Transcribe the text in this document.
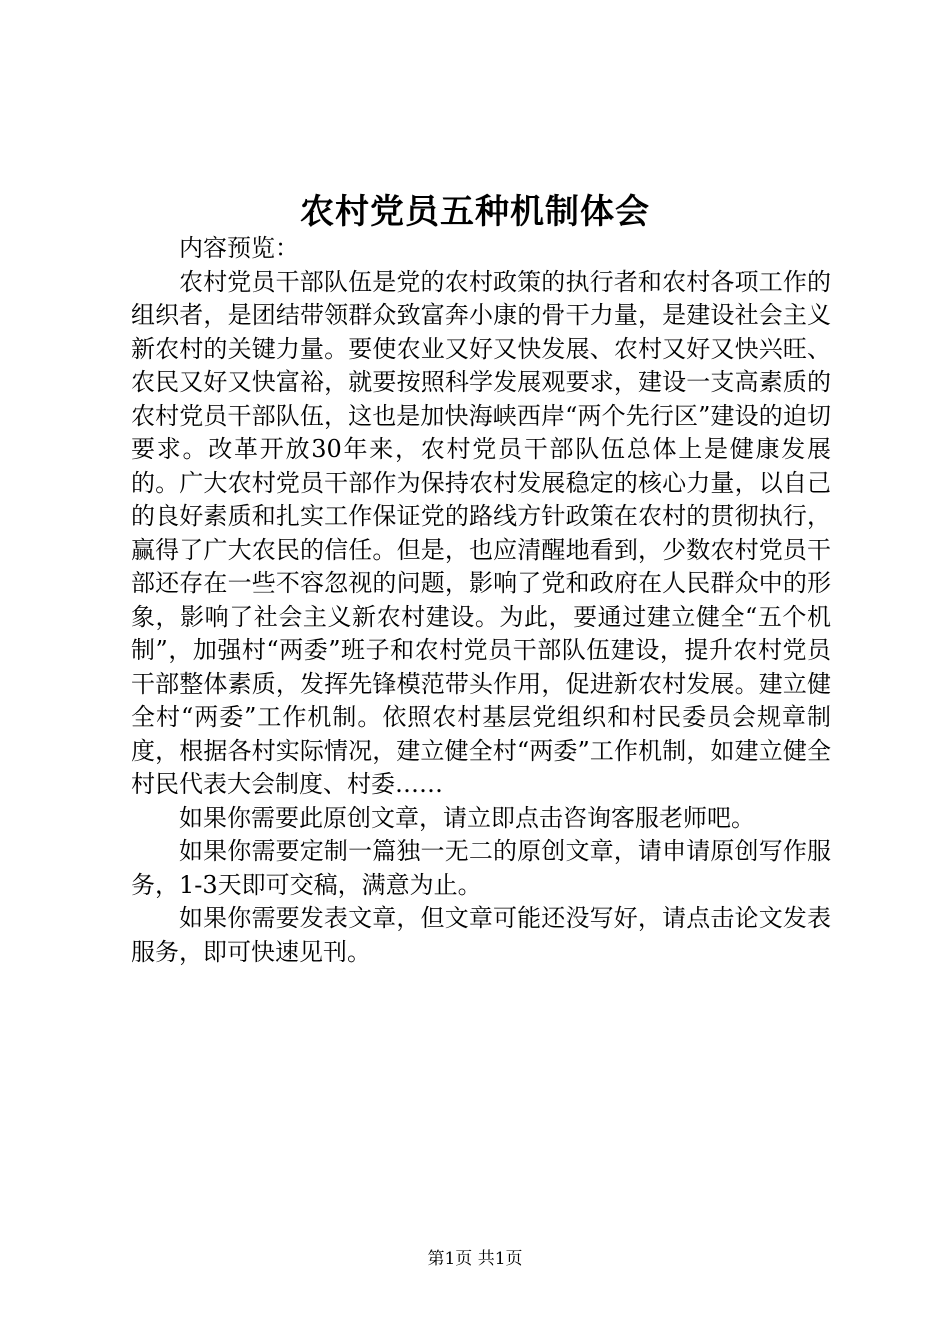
农村党员五种机制体会

内容预览：

农村党员干部队伍是党的农村政策的执行者和农村各项工作的组织者，是团结带领群众致富奔小康的骨干力量，是建设社会主义新农村的关键力量。要使农业又好又快发展、农村又好又快兴旺、农民又好又快富裕，就要按照科学发展观要求，建设一支高素质的农村党员干部队伍，这也是加快海峡西岸“两个先行区”建设的迫切要求。改革开放30年来，农村党员干部队伍总体上是健康发展的。广大农村党员干部作为保持农村发展稳定的核心力量，以自己的良好素质和扎实工作保证党的路线方针政策在农村的贯彻执行，赢得了广大农民的信任。但是，也应清醒地看到，少数农村党员干部还存在一些不容忽视的问题，影响了党和政府在人民群众中的形象，影响了社会主义新农村建设。为此，要通过建立健全“五个机制”，加强村“两委”班子和农村党员干部队伍建设，提升农村党员干部整体素质，发挥先锋模范带头作用，促进新农村发展。建立健全村“两委”工作机制。依照农村基层党组织和村民委员会规章制度，根据各村实际情况，建立健全村“两委”工作机制，如建立健全村民代表大会制度、村委……

如果你需要此原创文章，请立即点击咨询客服老师吧。

如果你需要定制一篇独一无二的原创文章，请申请原创写作服务，1-3天即可交稿，满意为止。

如果你需要发表文章，但文章可能还没写好，请点击论文发表服务，即可快速见刊。

第1页 共1页
